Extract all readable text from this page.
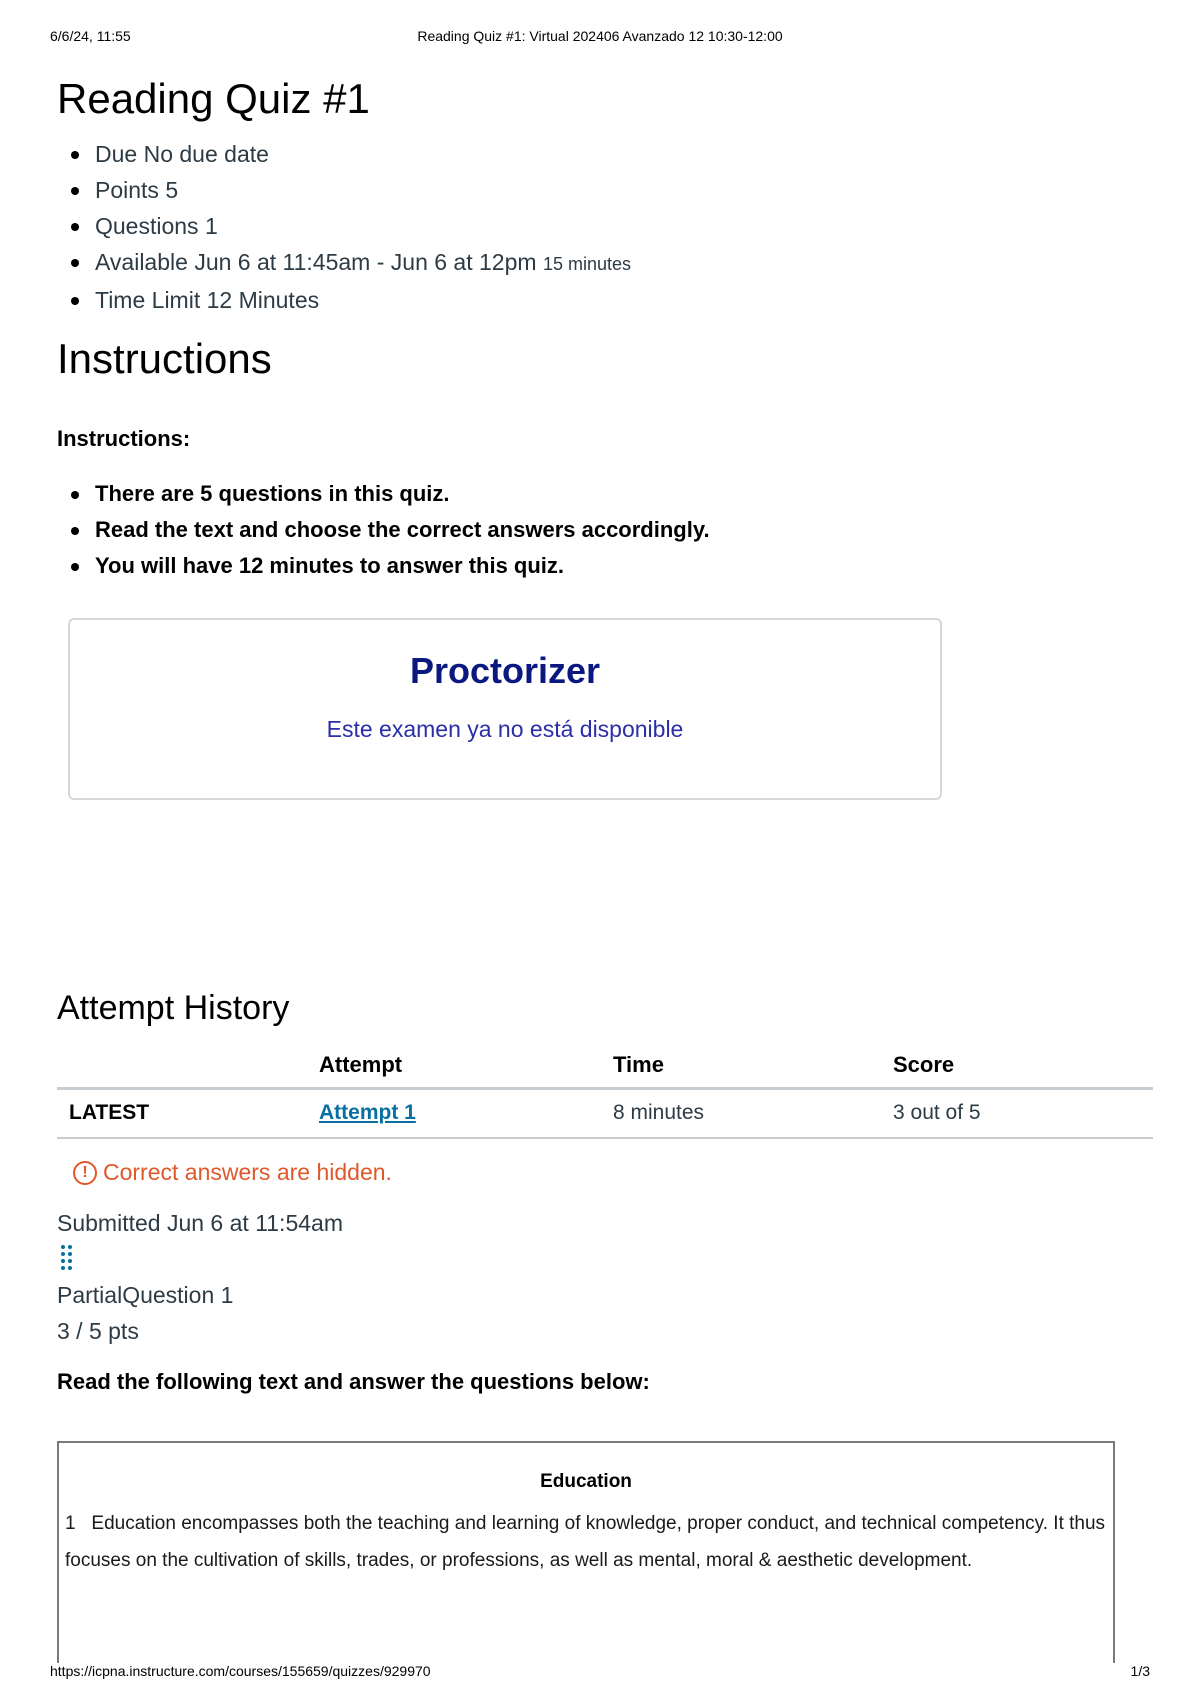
6/6/24, 11:55	Reading Quiz #1: Virtual 202406 Avanzado 12 10:30-12:00
Reading Quiz #1
Due No due date
Points 5
Questions 1
Available Jun 6 at 11:45am - Jun 6 at 12pm 15 minutes
Time Limit 12 Minutes
Instructions
Instructions:
There are 5 questions in this quiz.
Read the text and choose the correct answers accordingly.
You will have 12 minutes to answer this quiz.
Proctorizer
Este examen ya no está disponible
Attempt History
	Attempt	Time	Score
LATEST	Attempt 1	8 minutes	3 out of 5
! Correct answers are hidden.
Submitted Jun 6 at 11:54am
PartialQuestion 1
3 / 5 pts
Read the following text and answer the questions below:
Education
1 Education encompasses both the teaching and learning of knowledge, proper conduct, and technical competency. It thus focuses on the cultivation of skills, trades, or professions, as well as mental, moral & aesthetic development.
https://icpna.instructure.com/courses/155659/quizzes/929970	1/3
